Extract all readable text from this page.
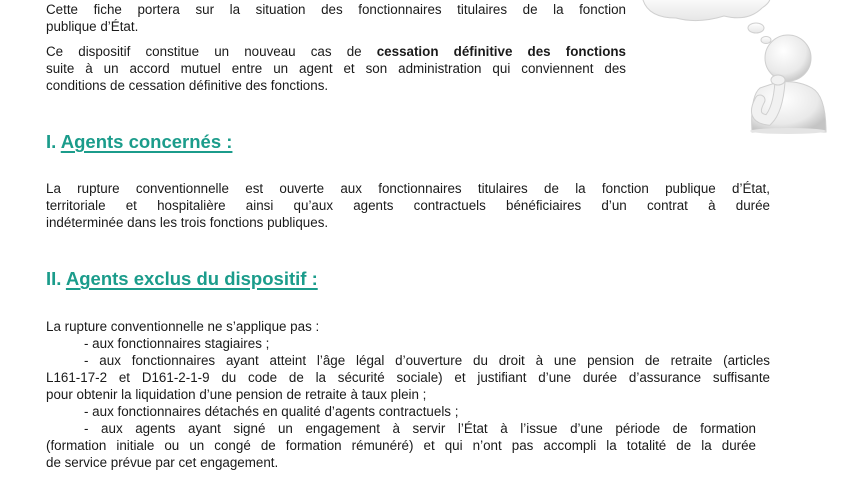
Cette fiche portera sur la situation des fonctionnaires titulaires de la fonction
publique d’État.
Ce dispositif constitue un nouveau cas de cessation définitive des fonctions
suite à un accord mutuel entre un agent et son administration qui conviennent des
conditions de cessation définitive des fonctions.
I. Agents concernés :
La rupture conventionnelle est ouverte aux fonctionnaires titulaires de la fonction publique d’État,
territoriale et hospitalière ainsi qu’aux agents contractuels bénéficiaires d’un contrat à durée
indéterminée dans les trois fonctions publiques.
II. Agents exclus du dispositif :
La rupture conventionnelle ne s’applique pas :
- aux fonctionnaires stagiaires ;
- aux fonctionnaires ayant atteint l’âge légal d’ouverture du droit à une pension de retraite (articles
L161-17-2 et D161-2-1-9 du code de la sécurité sociale) et justifiant d’une durée d’assurance suffisante
pour obtenir la liquidation d’une pension de retraite à taux plein ;
- aux fonctionnaires détachés en qualité d’agents contractuels ;
- aux agents ayant signé un engagement à servir l’État à l’issue d’une période de formation
(formation initiale ou un congé de formation rémunéré) et qui n’ont pas accompli la totalité de la durée
de service prévue par cet engagement.
